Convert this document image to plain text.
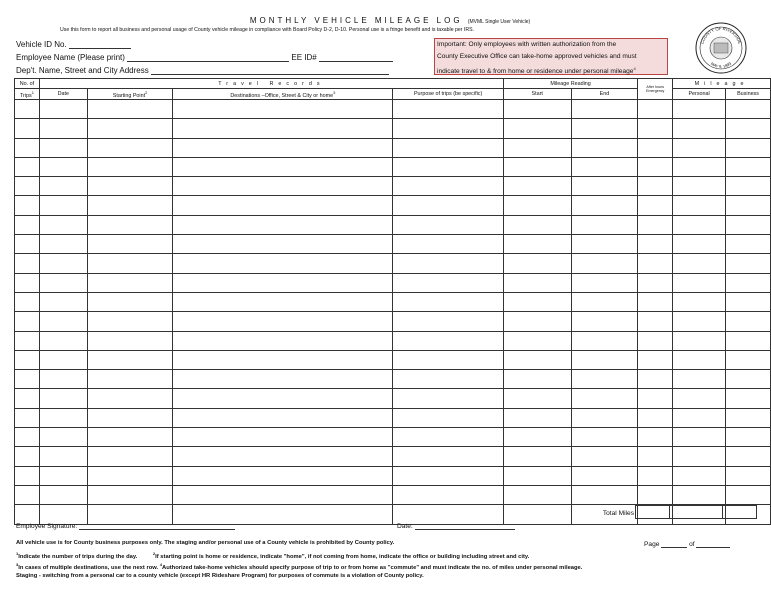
MONTHLY VEHICLE MILEAGE LOG (MVML Single User Vehicle)
Use this form to report all business and personal usage of County vehicle mileage in compliance with Board Policy D-2, D-10. Personal use is a fringe benefit and is taxable per IRS.
Vehicle ID No.
Employee Name (Please print)	EE ID#
Dep't. Name, Street and City Address
Important: Only employees with written authorization from the
County Executive Office can take-home approved vehicles and must
indicate travel to & from home or residence under personal mileage$^4$
COUNTY OF RIVERSIDE
MAY 9, 1893
No. of	Travel Records				Mileage Reading		After hours Emergency	Mileage	
Trips$^1$	Date	Starting Point$^2$	Destinations –Office, Street & City or home$^3$	Purpose of trips (be specific)	Start	End		Personal	Business

Total Miles
Employee Signature:	Date:
All vehicle use is for County business purposes only. The staging and/or personal use of a County vehicle is prohibited by County policy.
$^1$Indicate the number of trips during the day. $^2$If starting point is home or residence, indicate "home", if not coming from home, indicate the office or building including street and city.
$^3$In cases of multiple destinations, use the next row. $^4$Authorized take-home vehicles should specify purpose of trip to or from home as "commute" and must indicate the no. of miles under personal mileage.
Staging - switching from a personal car to a county vehicle (except HR Rideshare Program) for purposes of commute is a violation of County policy.
Page	of
